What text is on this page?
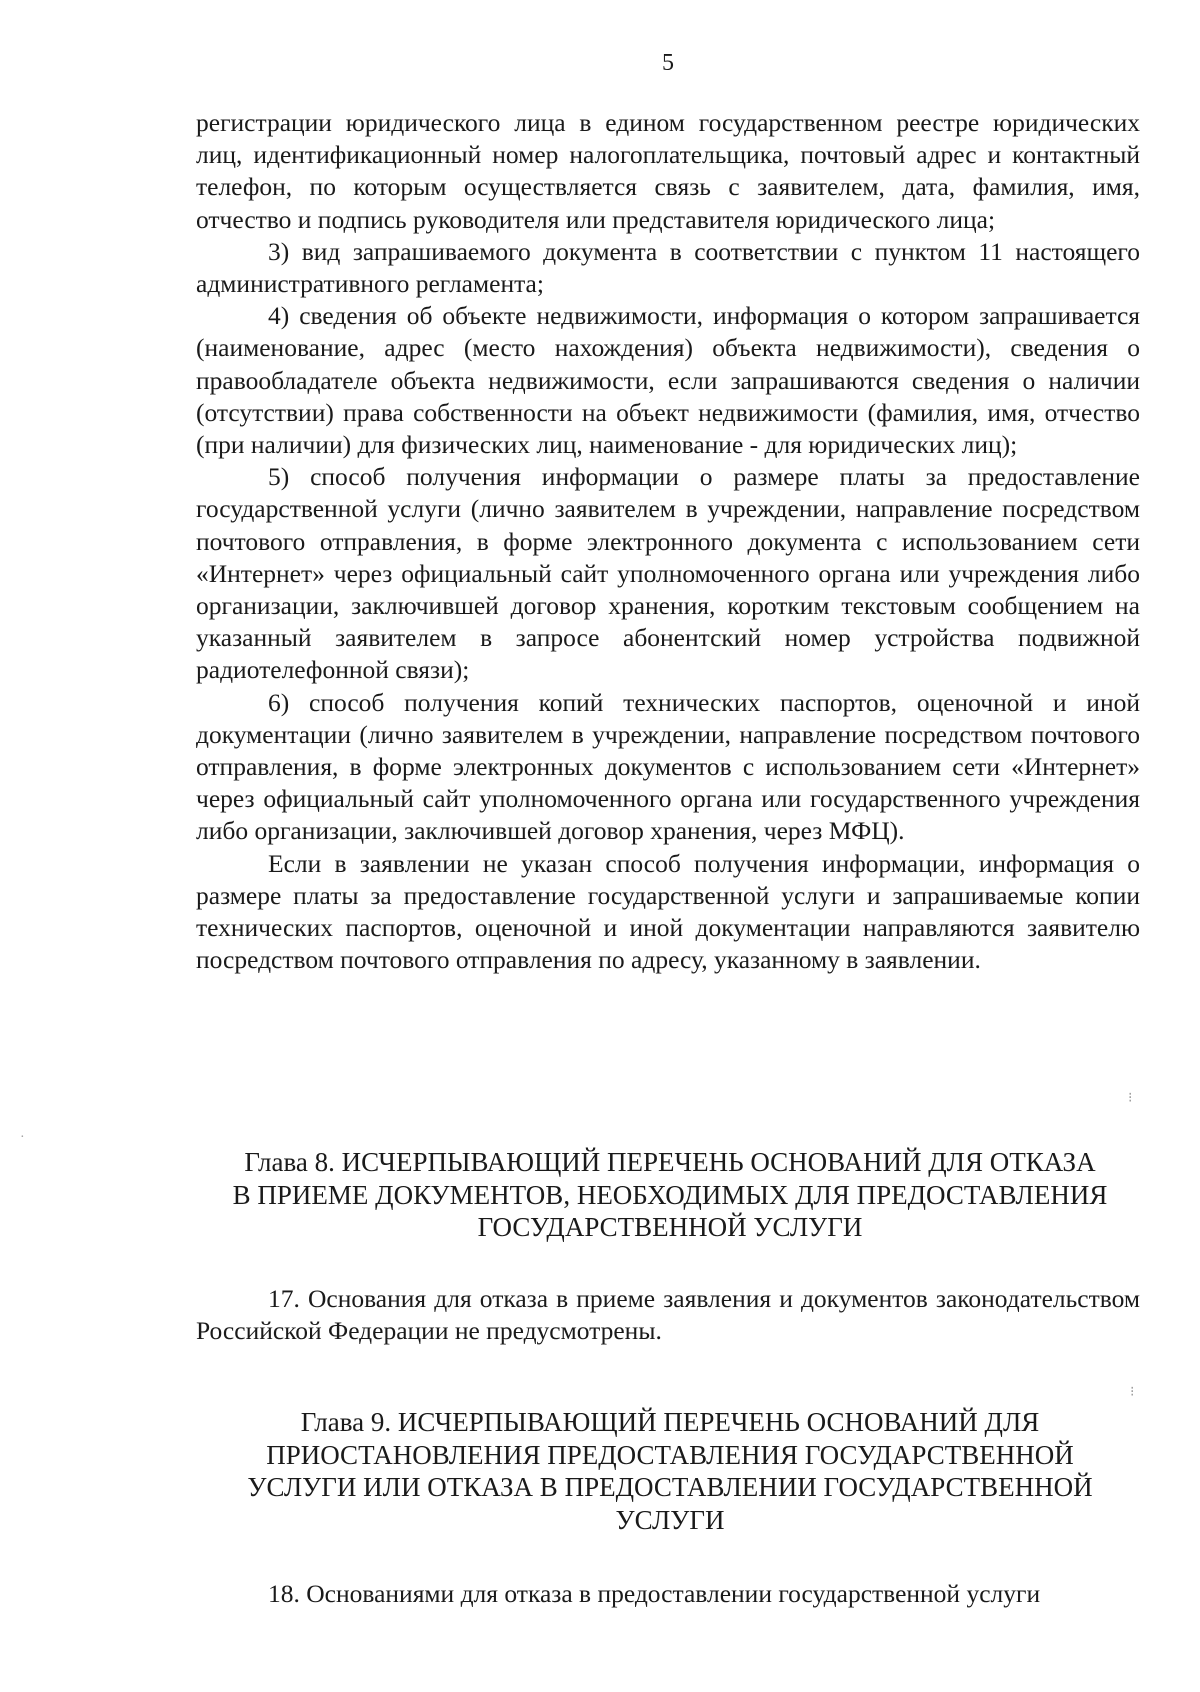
5

регистрации юридического лица в едином государственном реестре юридических лиц, идентификационный номер налогоплательщика, почтовый адрес и контактный телефон, по которым осуществляется связь с заявителем, дата, фамилия, имя, отчество и подпись руководителя или представителя юридического лица;

3) вид запрашиваемого документа в соответствии с пунктом 11 настоящего административного регламента;

4) сведения об объекте недвижимости, информация о котором запрашивается (наименование, адрес (место нахождения) объекта недвижимости), сведения о правообладателе объекта недвижимости, если запрашиваются сведения о наличии (отсутствии) права собственности на объект недвижимости (фамилия, имя, отчество (при наличии) для физических лиц, наименование - для юридических лиц);

5) способ получения информации о размере платы за предоставление государственной услуги (лично заявителем в учреждении, направление посредством почтового отправления, в форме электронного документа с использованием сети «Интернет» через официальный сайт уполномоченного органа или учреждения либо организации, заключившей договор хранения, коротким текстовым сообщением на указанный заявителем в запросе абонентский номер устройства подвижной радиотелефонной связи);

6) способ получения копий технических паспортов, оценочной и иной документации (лично заявителем в учреждении, направление посредством почтового отправления, в форме электронных документов с использованием сети «Интернет» через официальный сайт уполномоченного органа или государственного учреждения либо организации, заключившей договор хранения, через МФЦ).

Если в заявлении не указан способ получения информации, информация о размере платы за предоставление государственной услуги и запрашиваемые копии технических паспортов, оценочной и иной документации направляются заявителю посредством почтового отправления по адресу, указанному в заявлении.

Глава 8. ИСЧЕРПЫВАЮЩИЙ ПЕРЕЧЕНЬ ОСНОВАНИЙ ДЛЯ ОТКАЗА
В ПРИЕМЕ ДОКУМЕНТОВ, НЕОБХОДИМЫХ ДЛЯ ПРЕДОСТАВЛЕНИЯ
ГОСУДАРСТВЕННОЙ УСЛУГИ

17. Основания для отказа в приеме заявления и документов законодательством Российской Федерации не предусмотрены.

Глава 9. ИСЧЕРПЫВАЮЩИЙ ПЕРЕЧЕНЬ ОСНОВАНИЙ ДЛЯ
ПРИОСТАНОВЛЕНИЯ ПРЕДОСТАВЛЕНИЯ ГОСУДАРСТВЕННОЙ
УСЛУГИ ИЛИ ОТКАЗА В ПРЕДОСТАВЛЕНИИ ГОСУДАРСТВЕННОЙ
УСЛУГИ

18. Основаниями для отказа в предоставлении государственной услуги

⁝
⁝
·
